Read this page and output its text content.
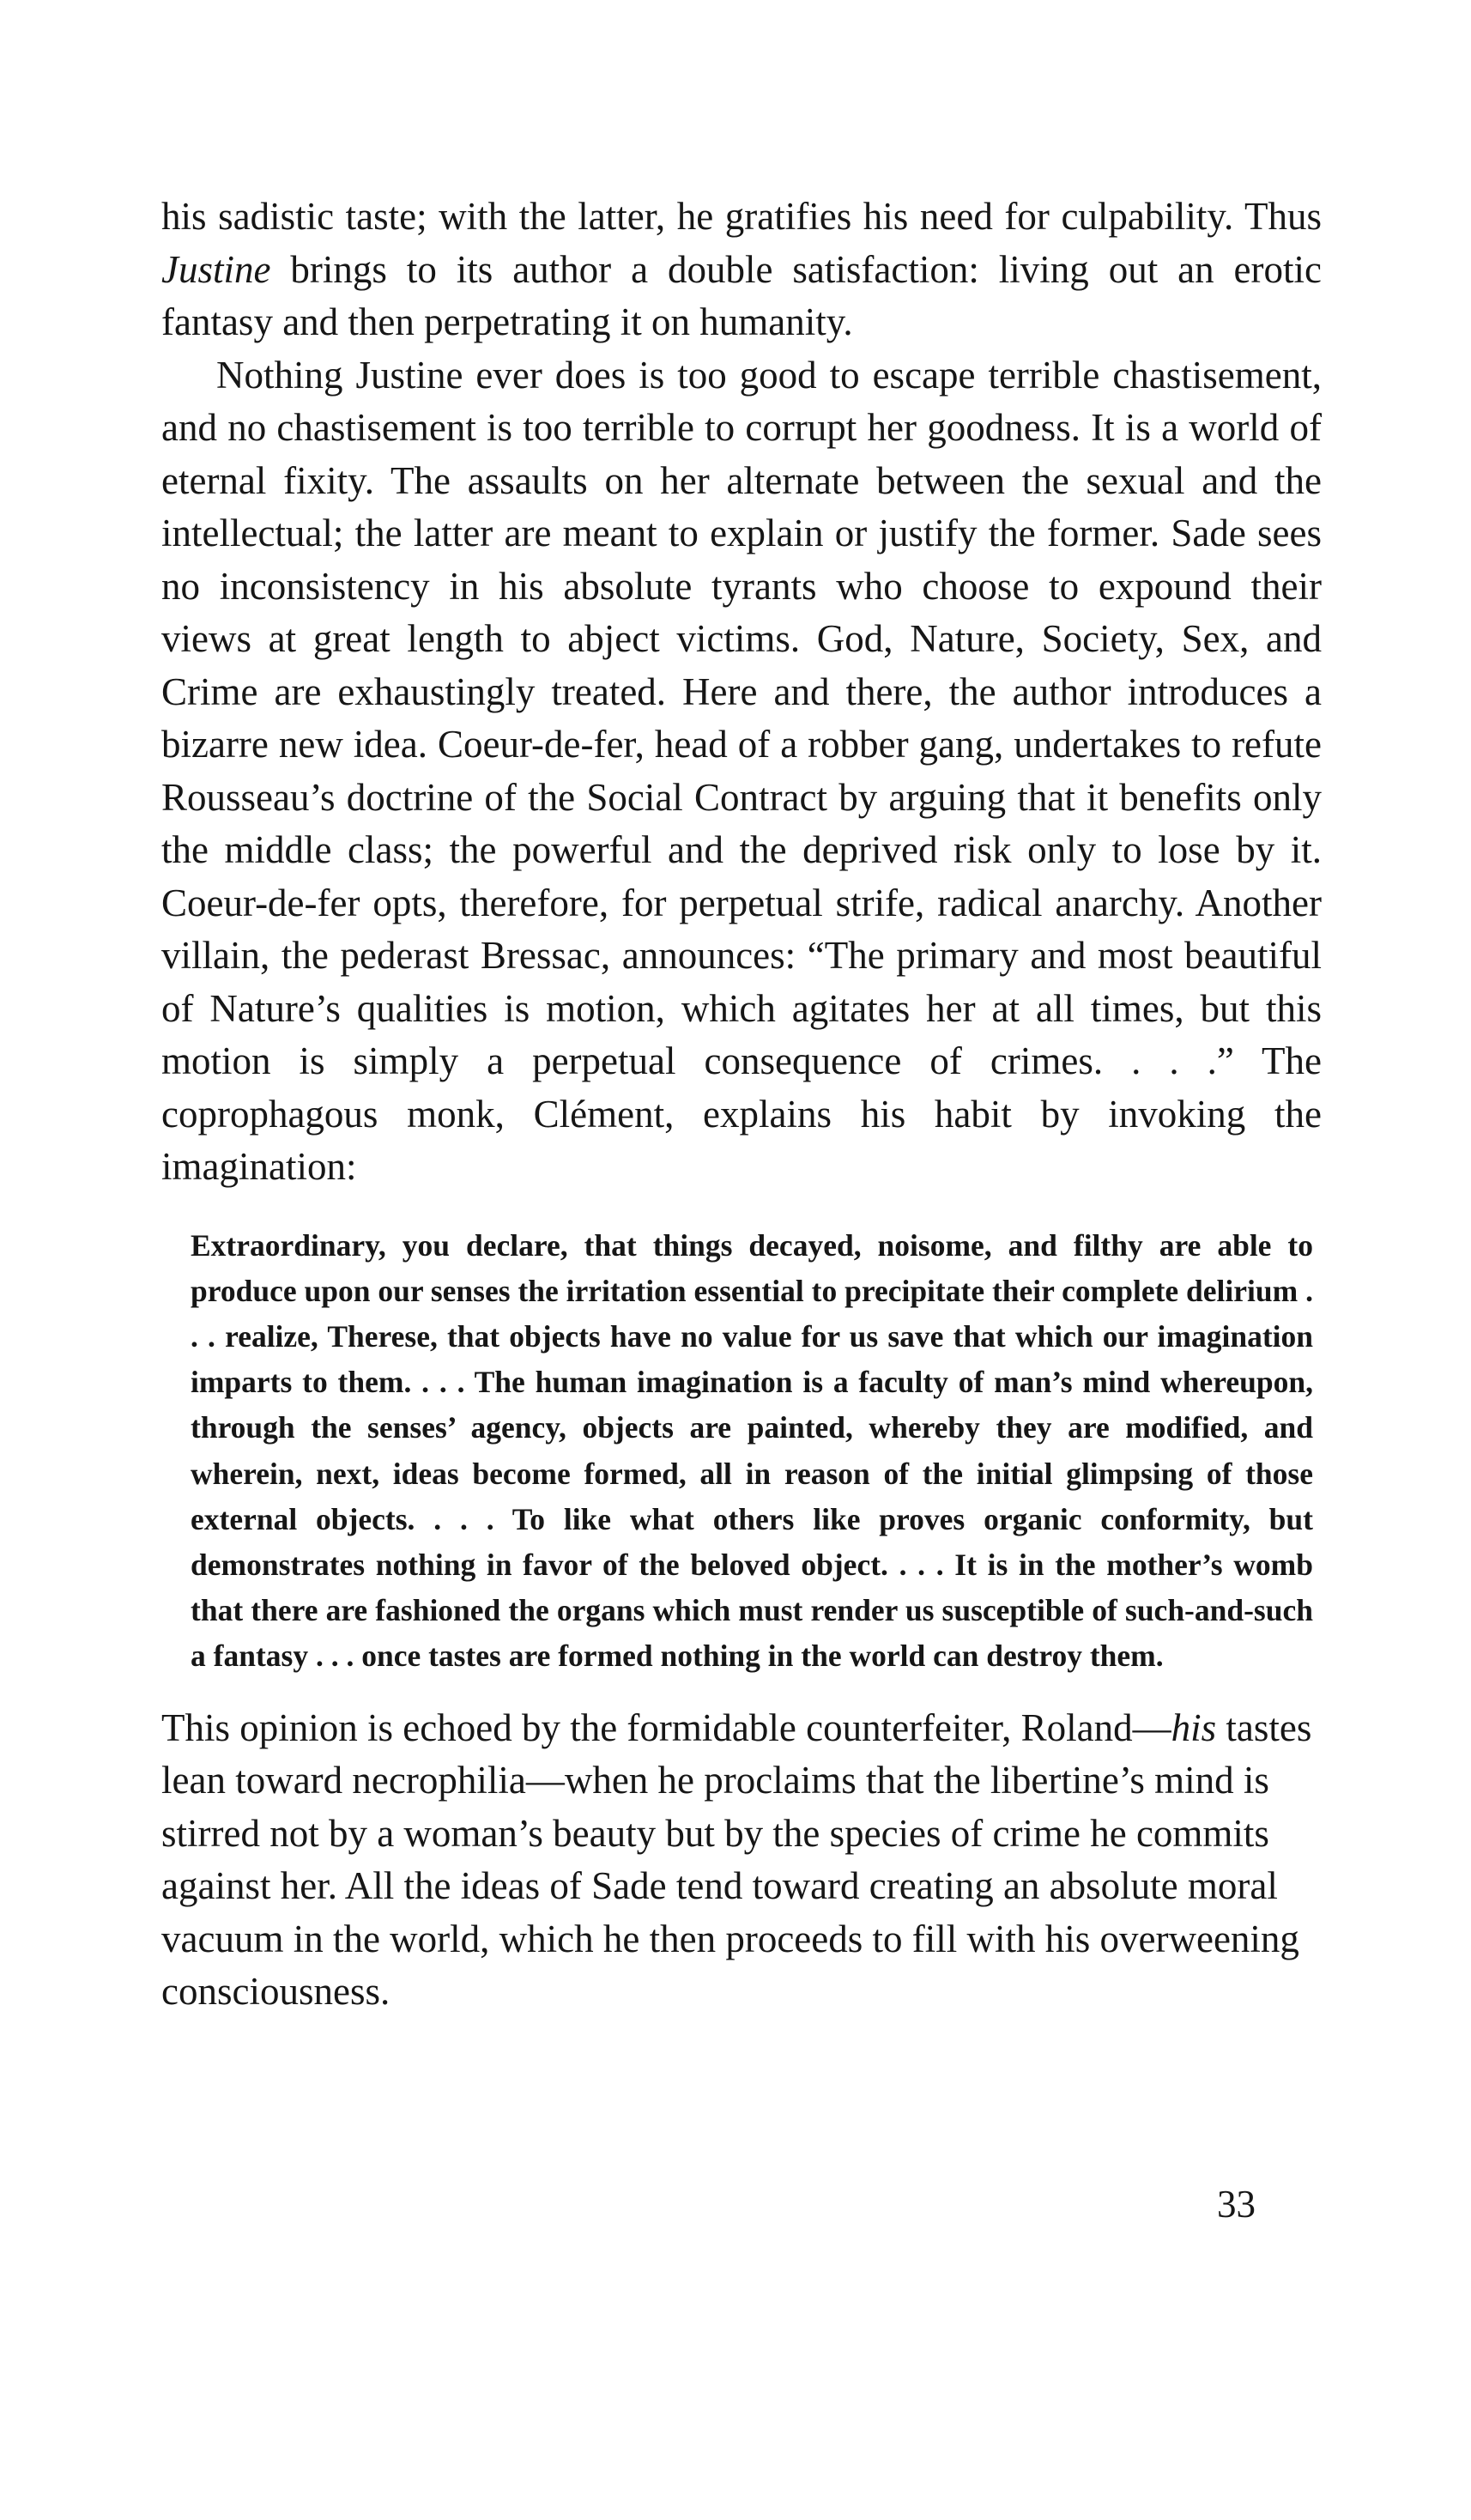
his sadistic taste; with the latter, he gratifies his need for culpability. Thus Justine brings to its author a double satisfaction: living out an erotic fantasy and then perpetrating it on humanity.

Nothing Justine ever does is too good to escape terrible chastisement, and no chastisement is too terrible to corrupt her goodness. It is a world of eternal fixity. The assaults on her alternate between the sexual and the intellectual; the latter are meant to explain or justify the former. Sade sees no inconsistency in his absolute tyrants who choose to expound their views at great length to abject victims. God, Nature, Society, Sex, and Crime are exhaustingly treated. Here and there, the author introduces a bizarre new idea. Coeur-de-fer, head of a robber gang, undertakes to refute Rousseau’s doctrine of the Social Contract by arguing that it benefits only the middle class; the powerful and the deprived risk only to lose by it. Coeur-de-fer opts, therefore, for perpetual strife, radical anarchy. Another villain, the pederast Bressac, announces: “The primary and most beautiful of Nature’s qualities is motion, which agitates her at all times, but this motion is simply a perpetual consequence of crimes. . . .” The coprophagous monk, Clément, explains his habit by invoking the imagination:

Extraordinary, you declare, that things decayed, noisome, and filthy are able to produce upon our senses the irritation essential to precipitate their complete delirium . . . realize, Therese, that objects have no value for us save that which our imagination imparts to them. . . . The human imagination is a faculty of man’s mind whereupon, through the senses’ agency, objects are painted, whereby they are modified, and wherein, next, ideas become formed, all in reason of the initial glimpsing of those external objects. . . . To like what others like proves organic conformity, but demonstrates nothing in favor of the beloved object. . . . It is in the mother’s womb that there are fashioned the organs which must render us susceptible of such-and-such a fantasy . . . once tastes are formed nothing in the world can destroy them.

This opinion is echoed by the formidable counterfeiter, Roland—his tastes lean toward necrophilia—when he proclaims that the libertine’s mind is stirred not by a woman’s beauty but by the species of crime he commits against her. All the ideas of Sade tend toward creating an absolute moral vacuum in the world, which he then proceeds to fill with his overweening consciousness.

33
